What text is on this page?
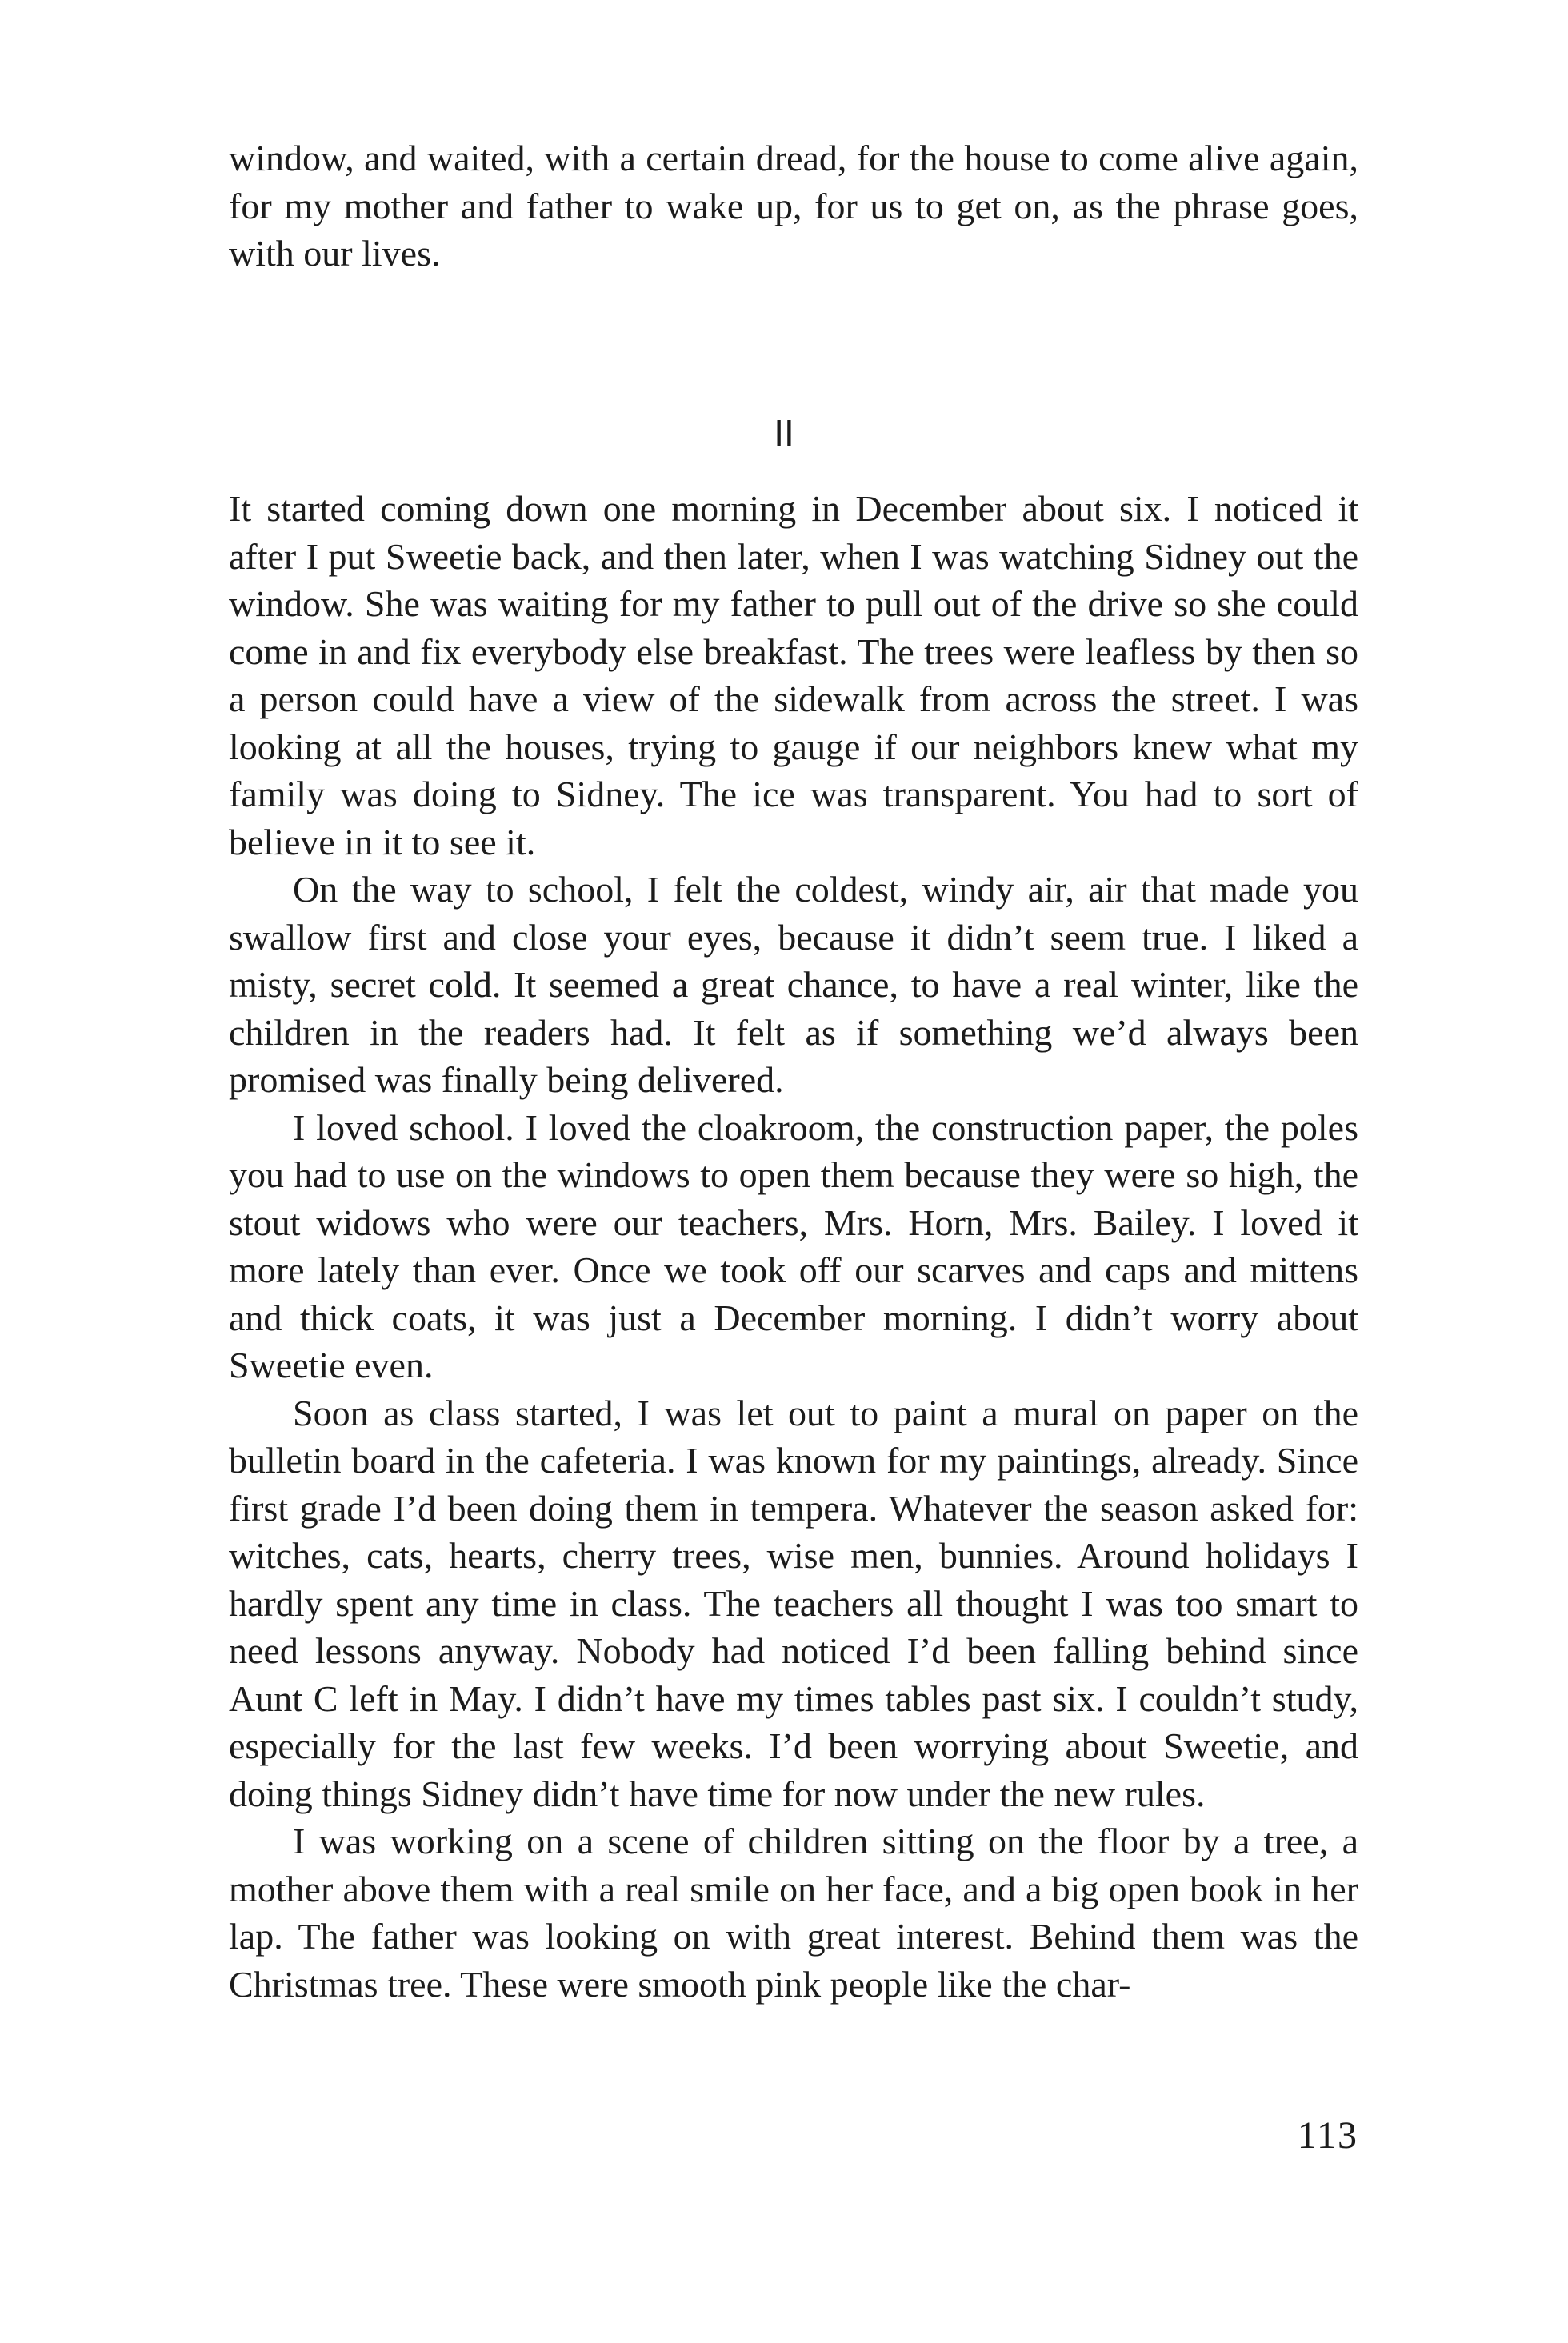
window, and waited, with a certain dread, for the house to come alive again, for my mother and father to wake up, for us to get on, as the phrase goes, with our lives.

II

It started coming down one morning in December about six. I noticed it after I put Sweetie back, and then later, when I was watching Sidney out the window. She was waiting for my father to pull out of the drive so she could come in and fix everybody else breakfast. The trees were leafless by then so a person could have a view of the sidewalk from across the street. I was looking at all the houses, trying to gauge if our neighbors knew what my family was doing to Sidney. The ice was transparent. You had to sort of believe in it to see it.

On the way to school, I felt the coldest, windy air, air that made you swallow first and close your eyes, because it didn’t seem true. I liked a misty, secret cold. It seemed a great chance, to have a real winter, like the children in the readers had. It felt as if something we’d always been promised was finally being delivered.

I loved school. I loved the cloakroom, the construction paper, the poles you had to use on the windows to open them because they were so high, the stout widows who were our teachers, Mrs. Horn, Mrs. Bailey. I loved it more lately than ever. Once we took off our scarves and caps and mittens and thick coats, it was just a December morning. I didn’t worry about Sweetie even.

Soon as class started, I was let out to paint a mural on paper on the bulletin board in the cafeteria. I was known for my paintings, already. Since first grade I’d been doing them in tempera. Whatever the season asked for: witches, cats, hearts, cherry trees, wise men, bunnies. Around holidays I hardly spent any time in class. The teachers all thought I was too smart to need lessons anyway. Nobody had noticed I’d been falling behind since Aunt C left in May. I didn’t have my times tables past six. I couldn’t study, especially for the last few weeks. I’d been worrying about Sweetie, and doing things Sidney didn’t have time for now under the new rules.

I was working on a scene of children sitting on the floor by a tree, a mother above them with a real smile on her face, and a big open book in her lap. The father was looking on with great interest. Behind them was the Christmas tree. These were smooth pink people like the char-

113
